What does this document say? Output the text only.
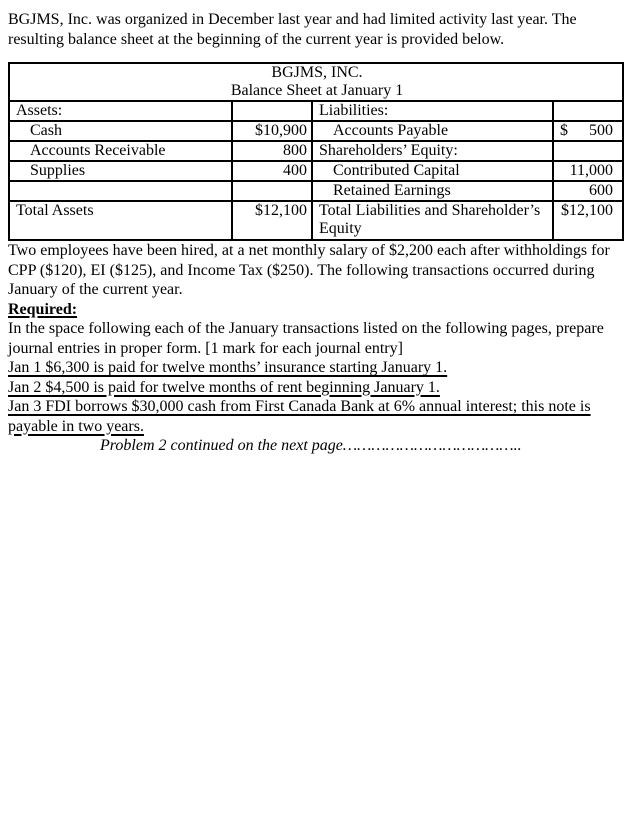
BGJMS, Inc. was organized in December last year and had limited activity last year. The resulting balance sheet at the beginning of the current year is provided below.

BGJMS, INC.
Balance Sheet at January 1			

Assets:		Liabilities:	
Cash	$10,900	Accounts Payable	$ 500

Accounts Receivable	800	Shareholders’ Equity:	
Supplies	400	Contributed Capital	11,000
		Retained Earnings	600
Total Assets	$12,100	Total Liabilities and Shareholder’s Equity	$12,100

Two employees have been hired, at a net monthly salary of $2,200 each after withholdings for CPP ($120), EI ($125), and Income Tax ($250). The following transactions occurred during January of the current year.

Required:

In the space following each of the January transactions listed on the following pages, prepare journal entries in proper form. [1 mark for each journal entry]

Jan 1 $6,300 is paid for twelve months’ insurance starting January 1.

Jan 2 $4,500 is paid for twelve months of rent beginning January 1.

Jan 3 FDI borrows $30,000 cash from First Canada Bank at 6% annual interest; this note is payable in two years.

Problem 2 continued on the next page………………………………..
